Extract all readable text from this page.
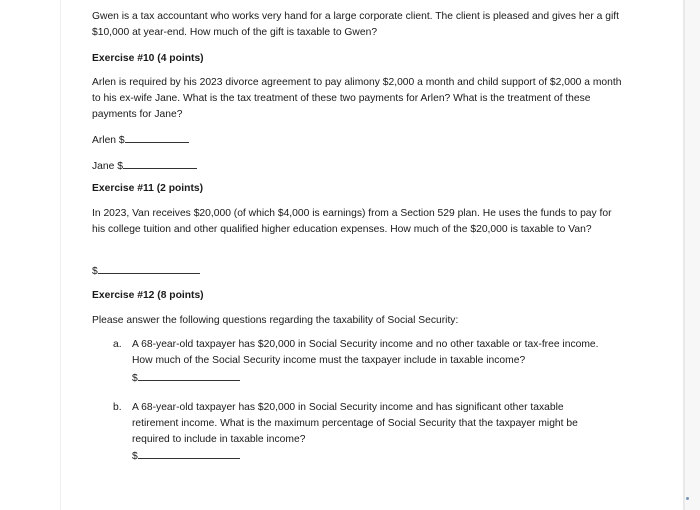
Gwen is a tax accountant who works very hand for a large corporate client. The client is pleased and gives her a gift $10,000 at year-end. How much of the gift is taxable to Gwen?

Exercise #10 (4 points)

Arlen is required by his 2023 divorce agreement to pay alimony $2,000 a month and child support of $2,000 a month to his ex-wife Jane. What is the tax treatment of these two payments for Arlen? What is the treatment of these payments for Jane?

Arlen $
Jane $

Exercise #11 (2 points)

In 2023, Van receives $20,000 (of which $4,000 is earnings) from a Section 529 plan. He uses the funds to pay for his college tuition and other qualified higher education expenses. How much of the $20,000 is taxable to Van?

$

Exercise #12 (8 points)

Please answer the following questions regarding the taxability of Social Security:

a. A 68-year-old taxpayer has $20,000 in Social Security income and no other taxable or tax-free income. How much of the Social Security income must the taxpayer include in taxable income?

$
b. A 68-year-old taxpayer has $20,000 in Social Security income and has significant other taxable retirement income. What is the maximum percentage of Social Security that the taxpayer might be required to include in taxable income?

$
